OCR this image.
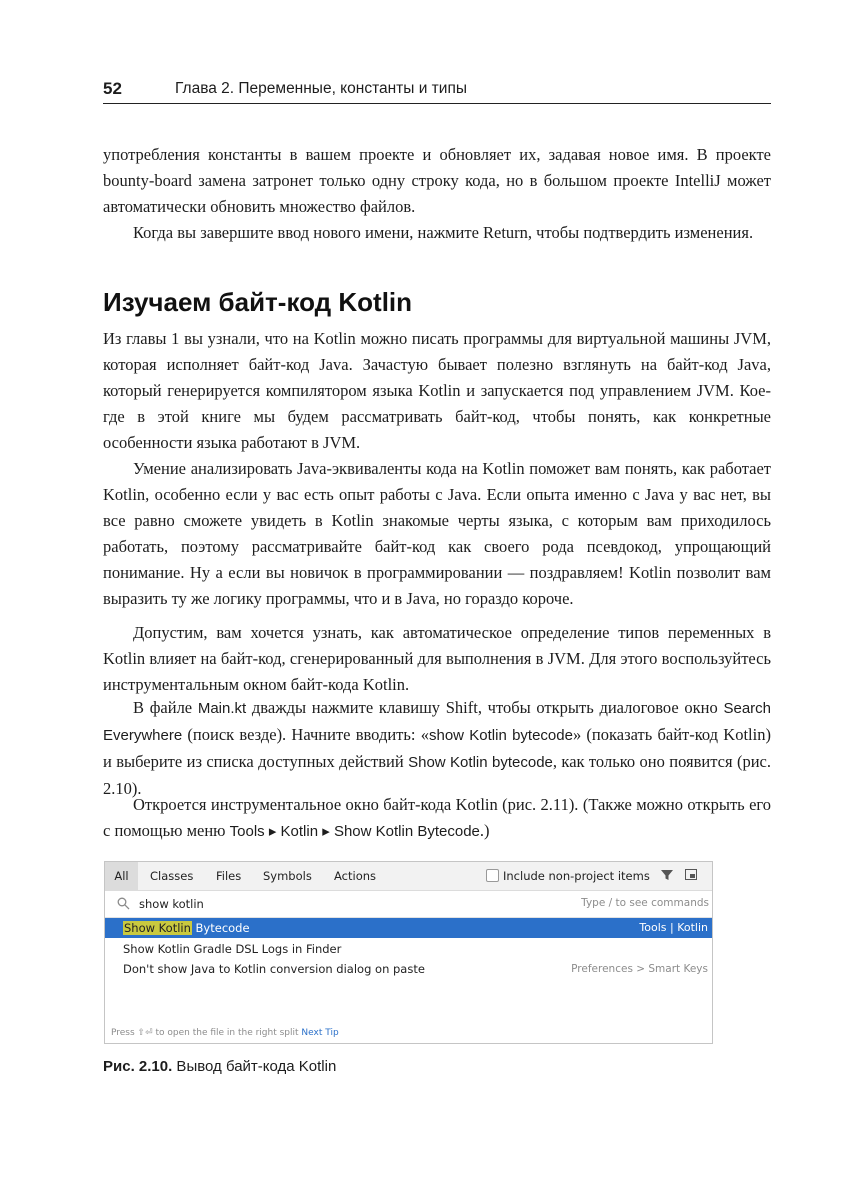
52	Глава 2. Переменные, константы и типы

употребления константы в вашем проекте и обновляет их, задавая новое имя. В проекте bounty-board замена затронет только одну строку кода, но в большом проекте IntelliJ может автоматически обновить множество файлов.

Когда вы завершите ввод нового имени, нажмите Return, чтобы подтвердить изменения.

Изучаем байт-код Kotlin

Из главы 1 вы узнали, что на Kotlin можно писать программы для виртуальной машины JVM, которая исполняет байт-код Java. Зачастую бывает полезно взглянуть на байт-код Java, который генерируется компилятором языка Kotlin и запускается под управлением JVM. Кое-где в этой книге мы будем рассматривать байт-код, чтобы понять, как конкретные особенности языка работают в JVM.

Умение анализировать Java-эквиваленты кода на Kotlin поможет вам понять, как работает Kotlin, особенно если у вас есть опыт работы с Java. Если опыта именно с Java у вас нет, вы все равно сможете увидеть в Kotlin знакомые черты языка, с которым вам приходилось работать, поэтому рассматривайте байт-код как своего рода псевдокод, упрощающий понимание. Ну а если вы новичок в программировании — поздравляем! Kotlin позволит вам выразить ту же логику программы, что и в Java, но гораздо короче.

Допустим, вам хочется узнать, как автоматическое определение типов переменных в Kotlin влияет на байт-код, сгенерированный для выполнения в JVM. Для этого воспользуйтесь инструментальным окном байт-кода Kotlin.

В файле Main.kt дважды нажмите клавишу Shift, чтобы открыть диалоговое окно Search Everywhere (поиск везде). Начните вводить: «show Kotlin bytecode» (показать байт-код Kotlin) и выберите из списка доступных действий Show Kotlin bytecode, как только оно появится (рис. 2.10).

Откроется инструментальное окно байт-кода Kotlin (рис. 2.11). (Также можно открыть его с помощью меню Tools ▸ Kotlin ▸ Show Kotlin Bytecode.)

All	Classes Files Symbols Actions	Include non-project items
show kotlin
Type / to see commands
Show Kotlin Bytecode	Tools | Kotlin
Show Kotlin Gradle DSL Logs in Finder
Don't show Java to Kotlin conversion dialog on paste	Preferences > Smart Keys
Press ⇧⏎ to open the file in the right split Next Tip
Рис. 2.10. Вывод байт-кода Kotlin
